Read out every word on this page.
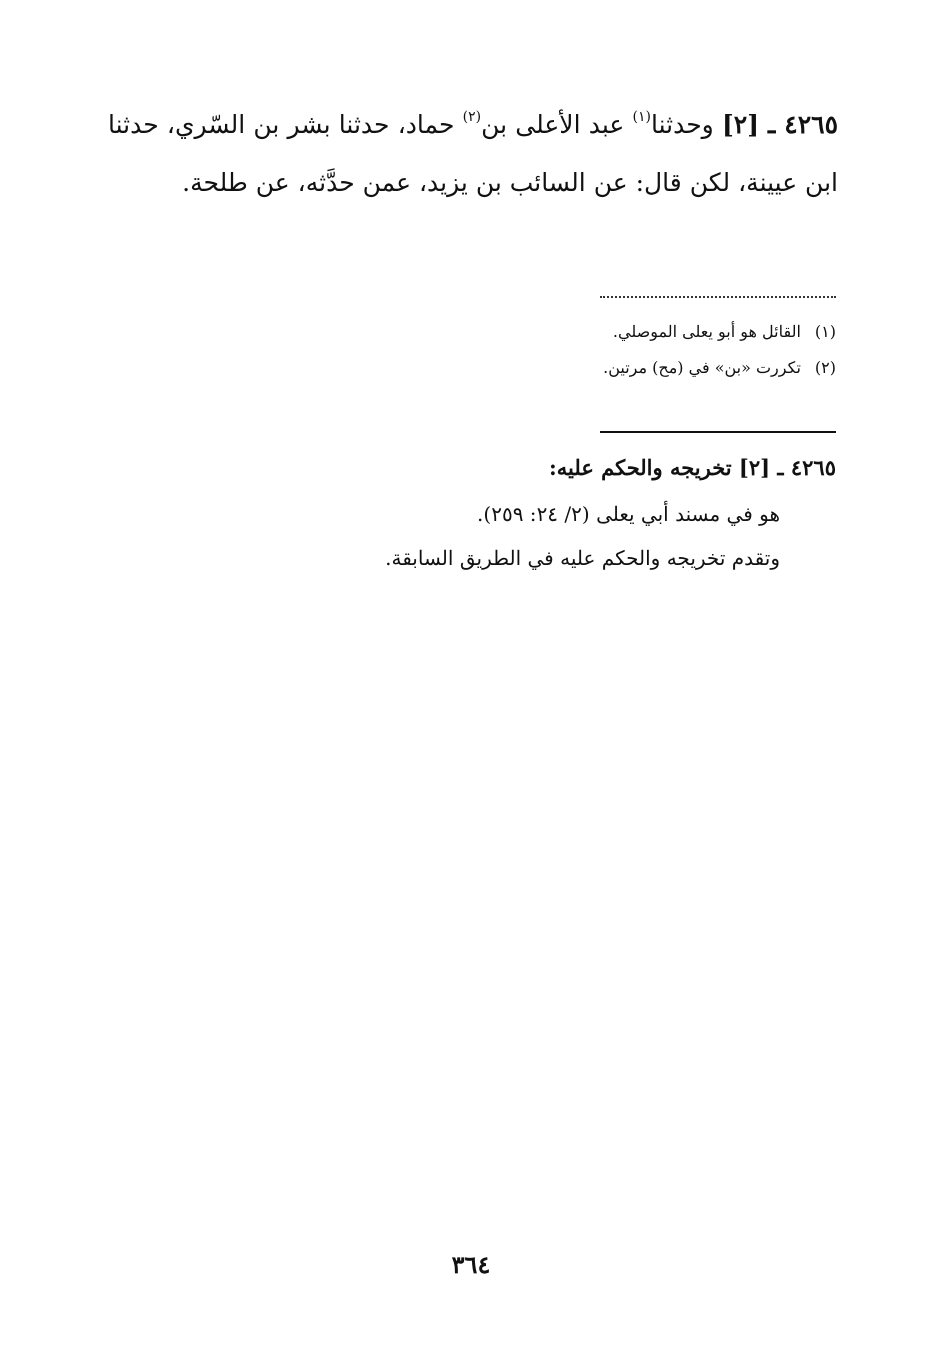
٤٢٦٥ ـ [٢] وحدثنا$^{(١)}$ عبد الأعلى بن$^{(٢)}$ حماد، حدثنا بشر بن السّري، حدثنا ابن عيينة، لكن قال: عن السائب بن يزيد، عمن حدَّثه، عن طلحة.
(١) القائل هو أبو يعلى الموصلي.
(٢) تكررت «بن» في (مح) مرتين.
٤٢٦٥ ـ [٢] تخريجه والحكم عليه:
هو في مسند أبي يعلى (٢/ ٢٤: ٢٥٩).
وتقدم تخريجه والحكم عليه في الطريق السابقة.
٣٦٤
